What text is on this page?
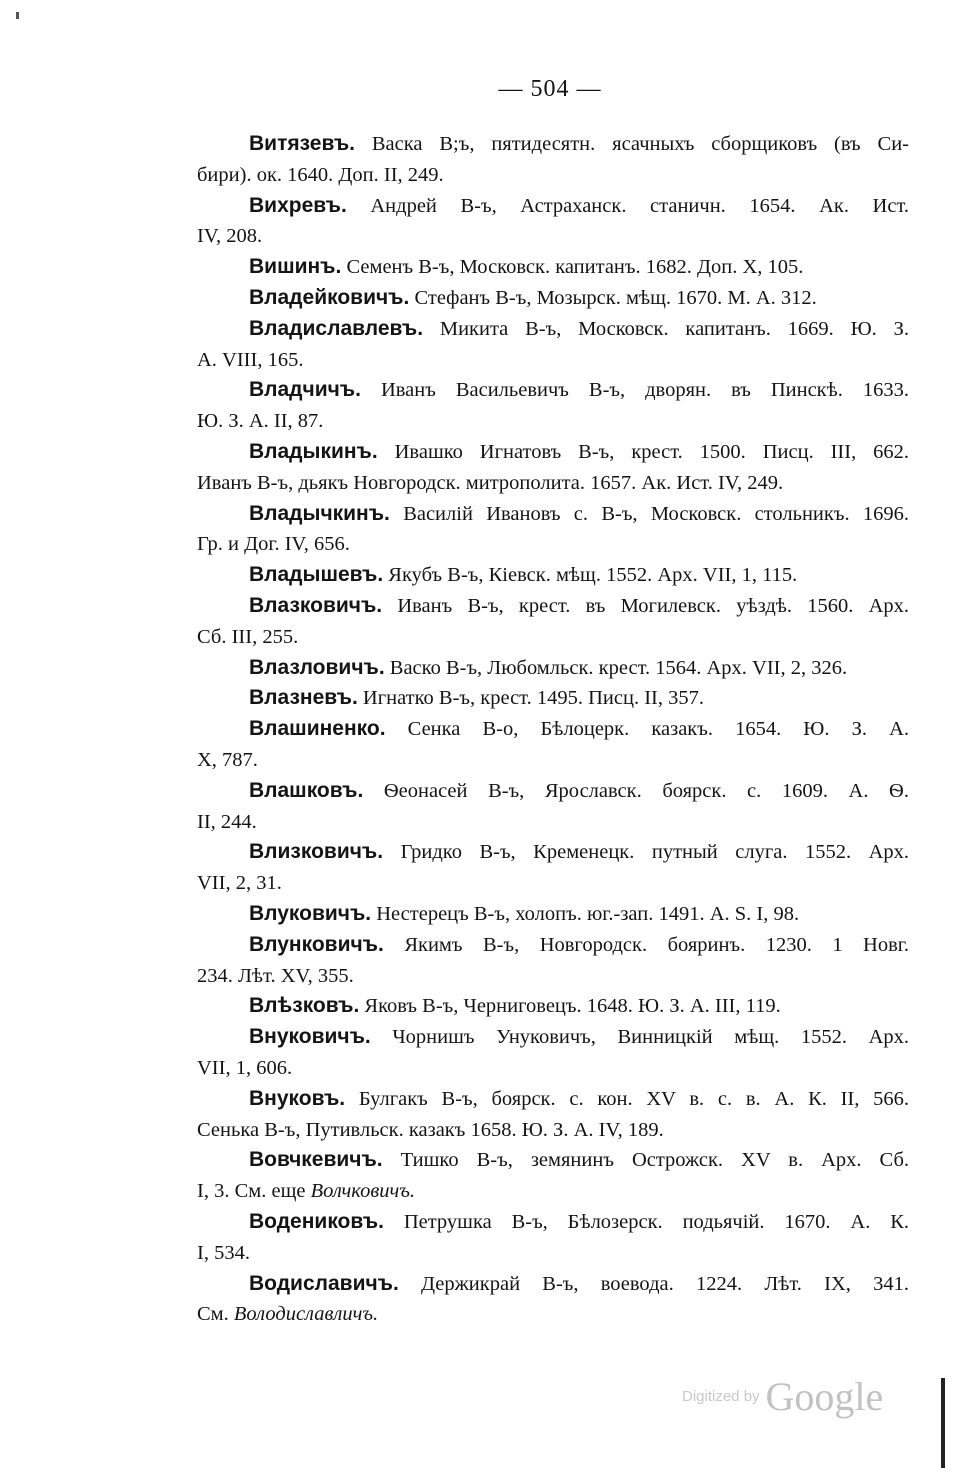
— 504 —
Витязевъ. Васка В;ъ, пятидесятн. ясачныхъ сборщиковъ (въ Си-
бири). ок. 1640. Доп. II, 249.
Вихревъ. Андрей В-ъ, Астраханск. станичн. 1654. Ак. Ист.
IV, 208.
Вишинъ. Семенъ В-ъ, Московск. капитанъ. 1682. Доп. X, 105.
Владейковичъ. Стефанъ В-ъ, Мозырск. мѣщ. 1670. М. А. 312.
Владиславлевъ. Микита В-ъ, Московск. капитанъ. 1669. Ю. З.
А. VIII, 165.
Владчичъ. Иванъ Васильевичъ В-ъ, дворян. въ Пинскѣ. 1633.
Ю. З. А. II, 87.
Владыкинъ. Ивашко Игнатовъ В-ъ, крест. 1500. Писц. III, 662.
Иванъ В-ъ, дьякъ Новгородск. митрополита. 1657. Ак. Ист. IV, 249.
Владычкинъ. Василій Ивановъ с. В-ъ, Московск. стольникъ. 1696.
Гр. и Дог. IV, 656.
Владышевъ. Якубъ В-ъ, Кіевск. мѣщ. 1552. Арх. VII, 1, 115.
Влазковичъ. Иванъ В-ъ, крест. въ Могилевск. уѣздѣ. 1560. Арх.
Сб. III, 255.
Влазловичъ. Васко В-ъ, Любомльск. крест. 1564. Арх. VII, 2, 326.
Влазневъ. Игнатко В-ъ, крест. 1495. Писц. II, 357.
Влашиненко. Сенка В-о, Бѣлоцерк. казакъ. 1654. Ю. З. А.
X, 787.
Влашковъ. Ѳеонасей В-ъ, Ярославск. боярск. с. 1609. А. Ѳ.
II, 244.
Влизковичъ. Гридко В-ъ, Кременецк. путный слуга. 1552. Арх.
VII, 2, 31.
Влуковичъ. Нестерецъ В-ъ, холопъ. юг.-зап. 1491. A. S. I, 98.
Влунковичъ. Якимъ В-ъ, Новгородск. бояринъ. 1230. 1 Новг.
234. Лѣт. XV, 355.
Влѣзковъ. Яковъ В-ъ, Черниговецъ. 1648. Ю. З. А. III, 119.
Внуковичъ. Чорнишъ Унуковичъ, Винницкій мѣщ. 1552. Арх.
VII, 1, 606.
Внуковъ. Булгакъ В-ъ, боярск. с. кон. XV в. с. в. А. К. II, 566.
Сенька В-ъ, Путивльск. казакъ 1658. Ю. З. А. IV, 189.
Вовчкевичъ. Тишко В-ъ, земянинъ Острожск. XV в. Арх. Сб.
I, 3. См. еще Волчковичъ.
Водениковъ. Петрушка В-ъ, Бѣлозерск. подьячій. 1670. А. К.
I, 534.
Водиславичъ. Держикрай В-ъ, воевода. 1224. Лѣт. IX, 341.
См. Володиславличъ.
Digitized by Google
